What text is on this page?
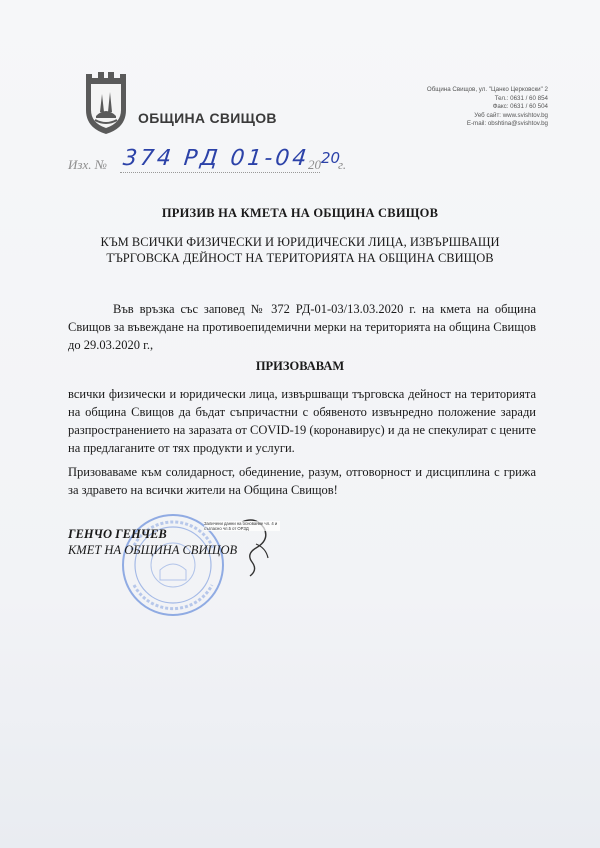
ОБЩИНА СВИЩОВ
Община Свищов, ул. "Цанко Церковски" 2
Тел.: 0631 / 60 854
Факс: 0631 / 60 504
Уеб сайт: www.svishtov.bg
E-mail: obshtina@svishtov.bg
Изх. № 374 РД 01-04
20 20
г.
ПРИЗИВ НА КМЕТА НА ОБЩИНА СВИЩОВ
КЪМ ВСИЧКИ ФИЗИЧЕСКИ И ЮРИДИЧЕСКИ ЛИЦА, ИЗВЪРШВАЩИ ТЪРГОВСКА ДЕЙНОСТ НА ТЕРИТОРИЯТА НА ОБЩИНА СВИЩОВ
Във връзка със заповед № 372 РД-01-03/13.03.2020 г. на кмета на община Свищов за въвеждане на противоепидемични мерки на територията на община Свищов до 29.03.2020 г.,
ПРИЗОВАВАМ
всички физически и юридически лица, извършващи търговска дейност на територията на община Свищов да бъдат съпричастни с обявеното извънредно положение заради разпространението на заразата от COVID-19 (коронавирус) и да не спекулират с цените на предлаганите от тях продукти и услуги.
Призоваваме към солидарност, обединение, разум, отговорност и дисциплина с грижа за здравето на всички жители на Община Свищов!
ГЕНЧО ГЕНЧЕВ
КМЕТ НА ОБЩИНА СВИЩОВ
Заличени данни на основание чл. 4 и съгласно чл.5 от ОРЗД
